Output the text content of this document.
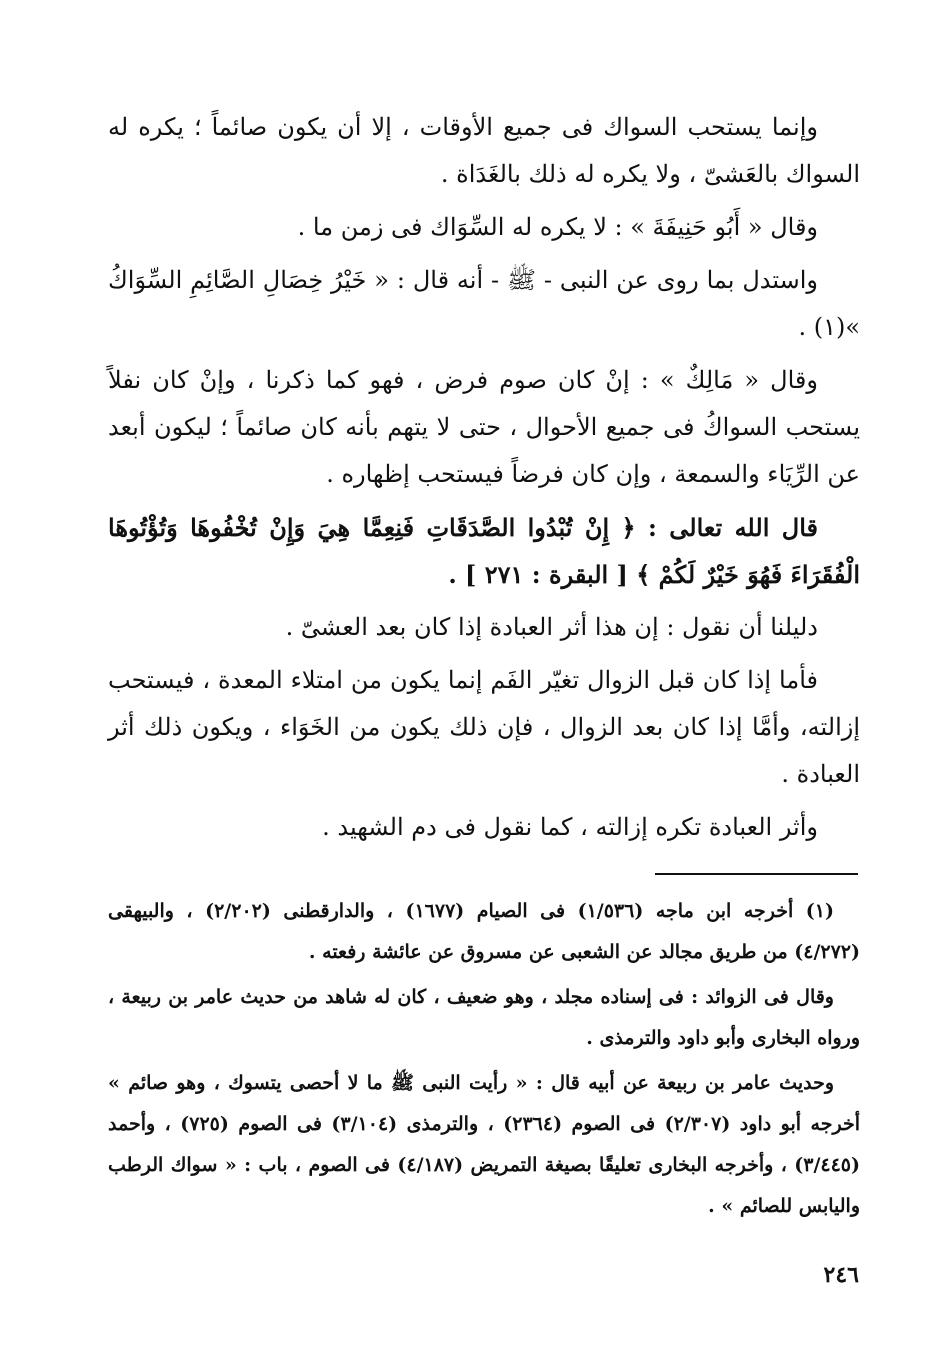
وإنما يستحب السواك فى جميع الأوقات ، إلا أن يكون صائماً ؛ يكره له السواك بالعَشىّ ، ولا يكره له ذلك بالغَدَاة .

وقال « أَبُو حَنِيفَةَ » : لا يكره له السِّوَاك فى زمن ما .

واستدل بما روى عن النبى - ﷺ - أنه قال : « خَيْرُ خِصَالِ الصَّائِمِ السِّوَاكُ »(١) .

وقال « مَالِكٌ » : إنْ كان صوم فرض ، فهو كما ذكرنا ، وإنْ كان نفلاً يستحب السواكُ فى جميع الأحوال ، حتى لا يتهم بأنه كان صائماً ؛ ليكون أبعد عن الرِّيَاء والسمعة ، وإن كان فرضاً فيستحب إظهاره .

قال الله تعالى : ﴿ إِنْ تُبْدُوا الصَّدَقَاتِ فَنِعِمَّا هِيَ وَإِنْ تُخْفُوهَا وَتُؤْتُوهَا الْفُقَرَاءَ فَهُوَ خَيْرٌ لَكُمْ ﴾ [ البقرة : ٢٧١ ] .

دليلنا أن نقول : إن هذا أثر العبادة إذا كان بعد العشىّ .

فأما إذا كان قبل الزوال تغيّر الفَم إنما يكون من امتلاء المعدة ، فيستحب إزالته، وأمَّا إذا كان بعد الزوال ، فإن ذلك يكون من الخَوَاء ، ويكون ذلك أثر العبادة .

وأثر العبادة تكره إزالته ، كما نقول فى دم الشهيد .

(١) أخرجه ابن ماجه (١/٥٣٦) فى الصيام (١٦٧٧) ، والدارقطنى (٢/٢٠٢) ، والبيهقى (٤/٢٧٢) من طريق مجالد عن الشعبى عن مسروق عن عائشة رفعته .

وقال فى الزوائد : فى إسناده مجلد ، وهو ضعيف ، كان له شاهد من حديث عامر بن ربيعة ، ورواه البخارى وأبو داود والترمذى .

وحديث عامر بن ربيعة عن أبيه قال : « رأيت النبى ﷺ ما لا أحصى يتسوك ، وهو صائم » أخرجه أبو داود (٢/٣٠٧) فى الصوم (٢٣٦٤) ، والترمذى (٣/١٠٤) فى الصوم (٧٢٥) ، وأحمد (٣/٤٤٥) ، وأخرجه البخارى تعليقًا بصيغة التمريض (٤/١٨٧) فى الصوم ، باب : « سواك الرطب واليابس للصائم » .

٢٤٦
